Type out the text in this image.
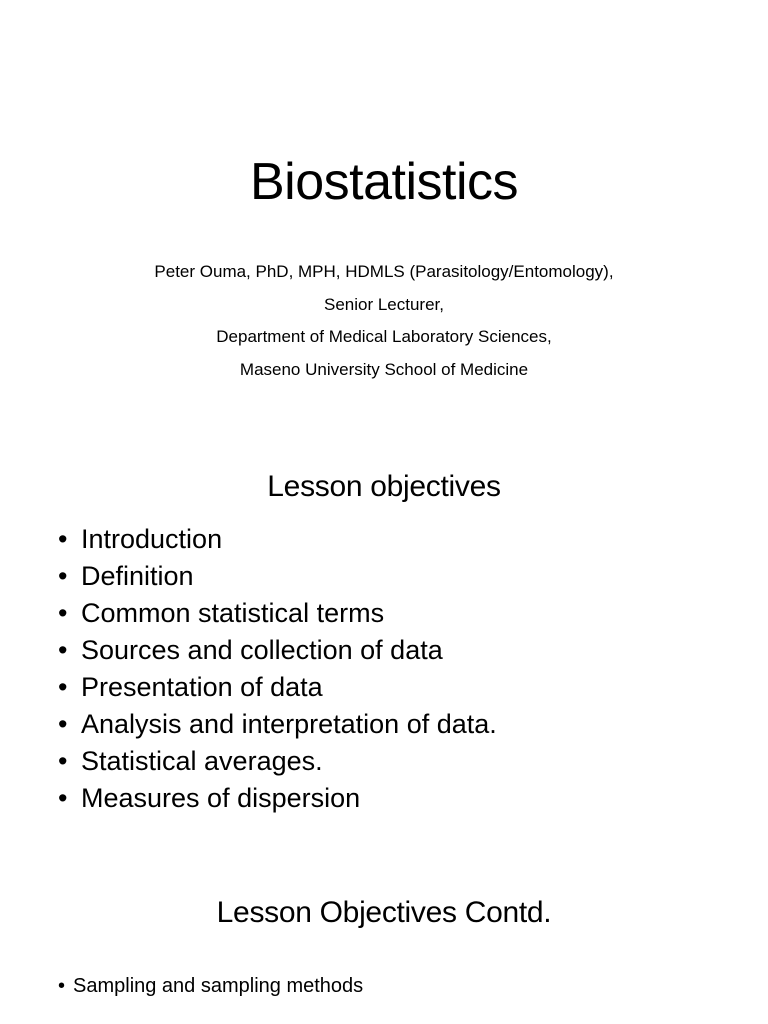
Biostatistics
Peter Ouma, PhD, MPH, HDMLS (Parasitology/Entomology),
Senior Lecturer,
Department of Medical Laboratory Sciences,
Maseno University School of Medicine
Lesson objectives
• Introduction
• Definition
• Common statistical terms
• Sources and collection of data
• Presentation of data
• Analysis and interpretation of data.
• Statistical averages.
• Measures of dispersion
Lesson Objectives Contd.
• Sampling and sampling methods
